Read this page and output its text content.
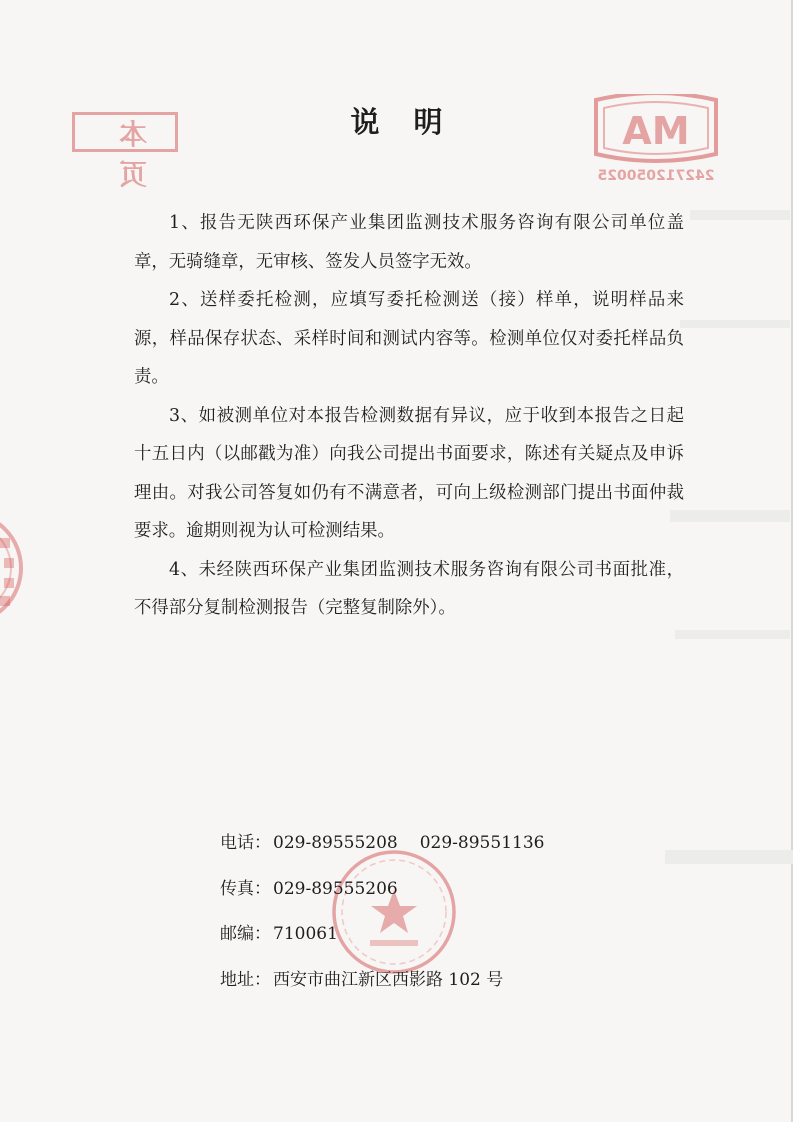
本 页
MA
242712050025
说明

1、报告无陕西环保产业集团监测技术服务咨询有限公司单位盖章，无骑缝章，无审核、签发人员签字无效。

2、送样委托检测，应填写委托检测送（接）样单，说明样品来源，样品保存状态、采样时间和测试内容等。检测单位仅对委托样品负责。

3、如被测单位对本报告检测数据有异议，应于收到本报告之日起十五日内（以邮戳为准）向我公司提出书面要求，陈述有关疑点及申诉理由。对我公司答复如仍有不满意者，可向上级检测部门提出书面仲裁要求。逾期则视为认可检测结果。

4、未经陕西环保产业集团监测技术服务咨询有限公司书面批准，不得部分复制检测报告（完整复制除外）。

电话： 029-89555208 029-89551136
传真： 029-89555206
邮编： 710061
地址： 西安市曲江新区西影路 102 号
